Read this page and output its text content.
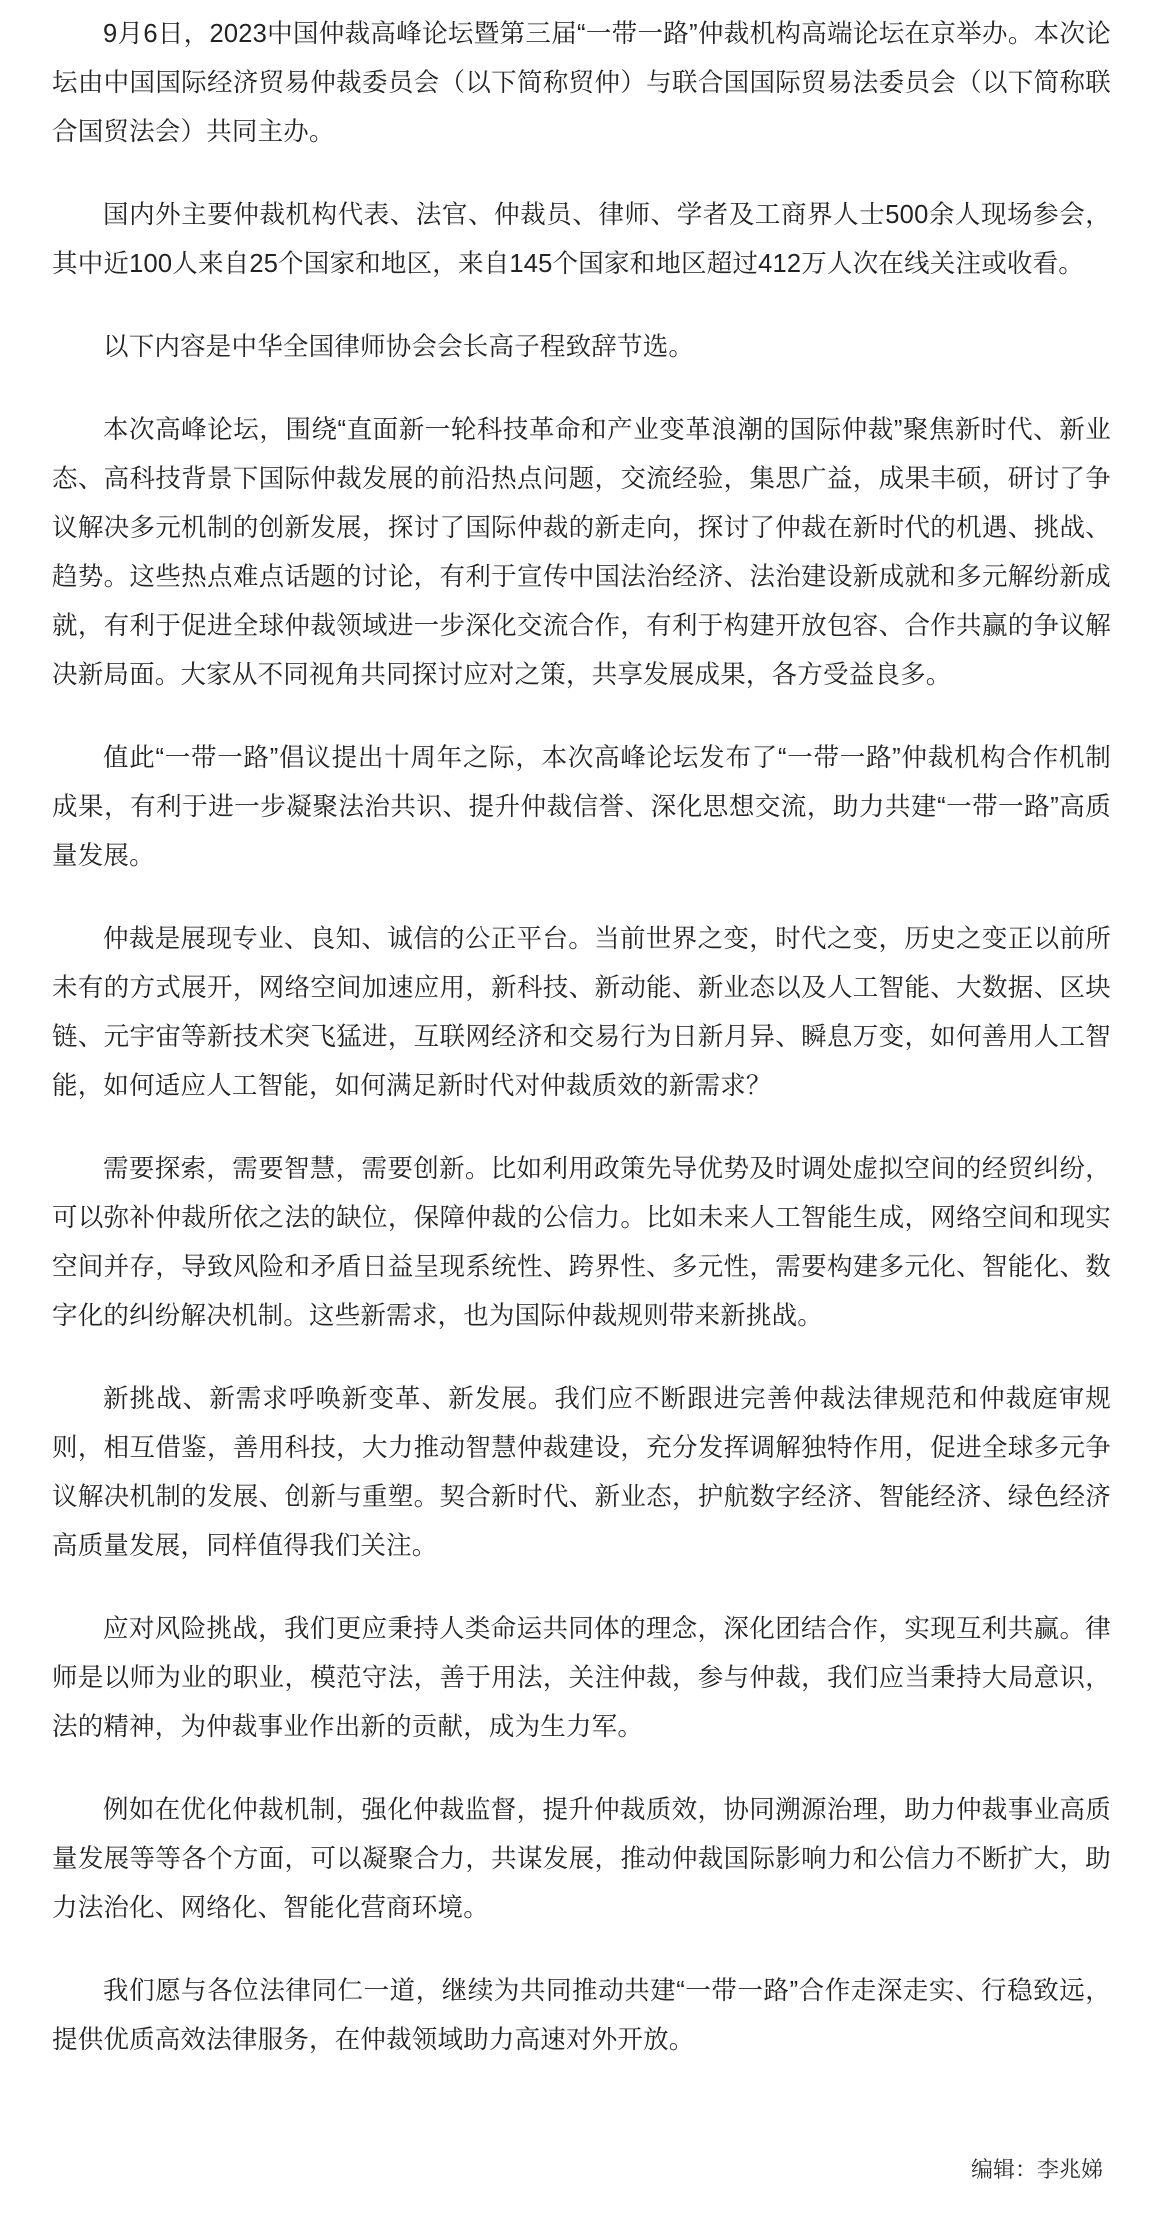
9月6日，2023中国仲裁高峰论坛暨第三届“一带一路”仲裁机构高端论坛在京举办。本次论坛由中国国际经济贸易仲裁委员会（以下简称贸仲）与联合国国际贸易法委员会（以下简称联合国贸法会）共同主办。

国内外主要仲裁机构代表、法官、仲裁员、律师、学者及工商界人士500余人现场参会，其中近100人来自25个国家和地区，来自145个国家和地区超过412万人次在线关注或收看。

以下内容是中华全国律师协会会长高子程致辞节选。

本次高峰论坛，围绕“直面新一轮科技革命和产业变革浪潮的国际仲裁”聚焦新时代、新业态、高科技背景下国际仲裁发展的前沿热点问题，交流经验，集思广益，成果丰硕，研讨了争议解决多元机制的创新发展，探讨了国际仲裁的新走向，探讨了仲裁在新时代的机遇、挑战、趋势。这些热点难点话题的讨论，有利于宣传中国法治经济、法治建设新成就和多元解纷新成就，有利于促进全球仲裁领域进一步深化交流合作，有利于构建开放包容、合作共赢的争议解决新局面。大家从不同视角共同探讨应对之策，共享发展成果，各方受益良多。

值此“一带一路”倡议提出十周年之际，本次高峰论坛发布了“一带一路”仲裁机构合作机制成果，有利于进一步凝聚法治共识、提升仲裁信誉、深化思想交流，助力共建“一带一路”高质量发展。

仲裁是展现专业、良知、诚信的公正平台。当前世界之变，时代之变，历史之变正以前所未有的方式展开，网络空间加速应用，新科技、新动能、新业态以及人工智能、大数据、区块链、元宇宙等新技术突飞猛进，互联网经济和交易行为日新月异、瞬息万变，如何善用人工智能，如何适应人工智能，如何满足新时代对仲裁质效的新需求？

需要探索，需要智慧，需要创新。比如利用政策先导优势及时调处虚拟空间的经贸纠纷，可以弥补仲裁所依之法的缺位，保障仲裁的公信力。比如未来人工智能生成，网络空间和现实空间并存，导致风险和矛盾日益呈现系统性、跨界性、多元性，需要构建多元化、智能化、数字化的纠纷解决机制。这些新需求，也为国际仲裁规则带来新挑战。

新挑战、新需求呼唤新变革、新发展。我们应不断跟进完善仲裁法律规范和仲裁庭审规则，相互借鉴，善用科技，大力推动智慧仲裁建设，充分发挥调解独特作用，促进全球多元争议解决机制的发展、创新与重塑。契合新时代、新业态，护航数字经济、智能经济、绿色经济高质量发展，同样值得我们关注。

应对风险挑战，我们更应秉持人类命运共同体的理念，深化团结合作，实现互利共赢。律师是以师为业的职业，模范守法，善于用法，关注仲裁，参与仲裁，我们应当秉持大局意识，法的精神，为仲裁事业作出新的贡献，成为生力军。

例如在优化仲裁机制，强化仲裁监督，提升仲裁质效，协同溯源治理，助力仲裁事业高质量发展等等各个方面，可以凝聚合力，共谋发展，推动仲裁国际影响力和公信力不断扩大，助力法治化、网络化、智能化营商环境。

我们愿与各位法律同仁一道，继续为共同推动共建“一带一路”合作走深走实、行稳致远，提供优质高效法律服务，在仲裁领域助力高速对外开放。

编辑：李兆娣
